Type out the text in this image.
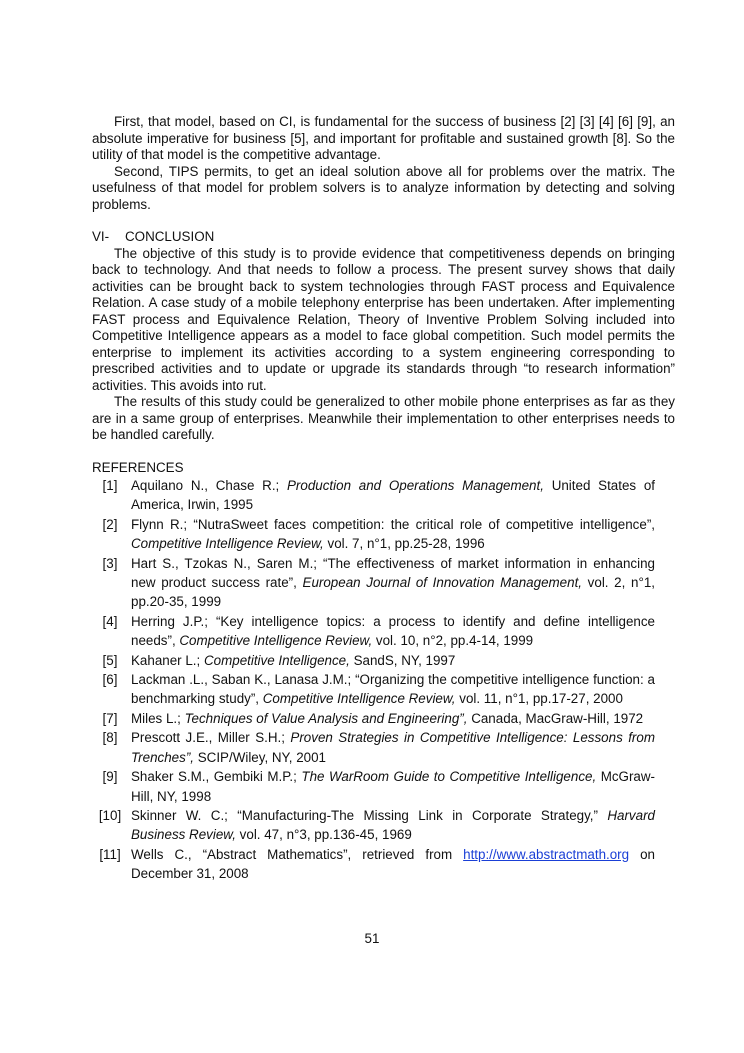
First, that model, based on CI, is fundamental for the success of business [2] [3] [4] [6] [9], an absolute imperative for business [5], and important for profitable and sustained growth [8]. So the utility of that model is the competitive advantage.

Second, TIPS permits, to get an ideal solution above all for problems over the matrix. The usefulness of that model for problem solvers is to analyze information by detecting and solving problems.

VI- CONCLUSION

The objective of this study is to provide evidence that competitiveness depends on bringing back to technology. And that needs to follow a process. The present survey shows that daily activities can be brought back to system technologies through FAST process and Equivalence Relation. A case study of a mobile telephony enterprise has been undertaken. After implementing FAST process and Equivalence Relation, Theory of Inventive Problem Solving included into Competitive Intelligence appears as a model to face global competition. Such model permits the enterprise to implement its activities according to a system engineering corresponding to prescribed activities and to update or upgrade its standards through “to research information” activities. This avoids into rut.

The results of this study could be generalized to other mobile phone enterprises as far as they are in a same group of enterprises. Meanwhile their implementation to other enterprises needs to be handled carefully.

REFERENCES
[1]	Aquilano N., Chase R.; Production and Operations Management, United States of America, Irwin, 1995
[2]	Flynn R.; “NutraSweet faces competition: the critical role of competitive intelligence”, Competitive Intelligence Review, vol. 7, n°1, pp.25-28, 1996
[3]	Hart S., Tzokas N., Saren M.; “The effectiveness of market information in enhancing new product success rate”, European Journal of Innovation Management, vol. 2, n°1, pp.20-35, 1999
[4]	Herring J.P.; “Key intelligence topics: a process to identify and define intelligence needs”, Competitive Intelligence Review, vol. 10, n°2, pp.4-14, 1999
[5]	Kahaner L.; Competitive Intelligence, SandS, NY, 1997
[6]	Lackman .L., Saban K., Lanasa J.M.; “Organizing the competitive intelligence function: a benchmarking study”, Competitive Intelligence Review, vol. 11, n°1, pp.17-27, 2000
[7]	Miles L.; Techniques of Value Analysis and Engineering”, Canada, MacGraw-Hill, 1972
[8]	Prescott J.E., Miller S.H.; Proven Strategies in Competitive Intelligence: Lessons from Trenches”, SCIP/Wiley, NY, 2001
[9]	Shaker S.M., Gembiki M.P.; The WarRoom Guide to Competitive Intelligence, McGraw-Hill, NY, 1998
[10] Skinner W. C.; “Manufacturing-The Missing Link in Corporate Strategy,” Harvard Business Review, vol. 47, n°3, pp.136-45, 1969
[11] Wells C., “Abstract Mathematics”, retrieved from http://www.abstractmath.org on December 31, 2008
51
